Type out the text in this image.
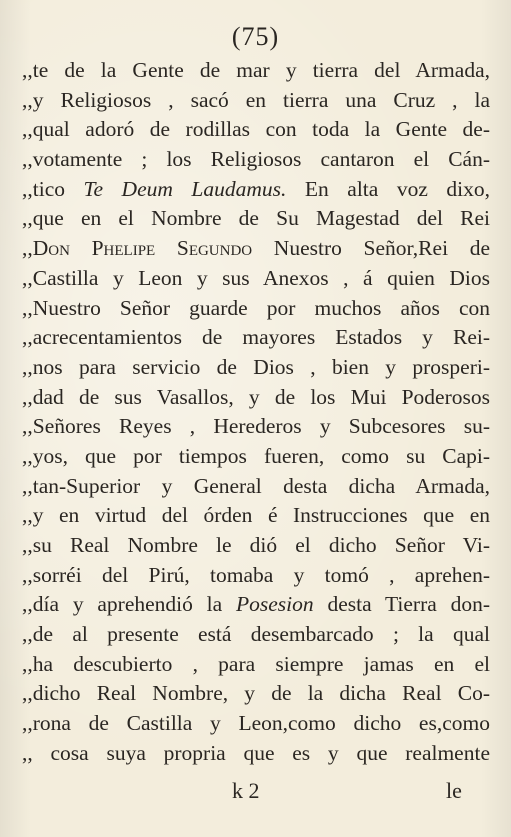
(75)
,,te de la Gente de mar y tierra del Armada,
,,y Religiosos , sacó en tierra una Cruz , la
,,qual adoró de rodillas con toda la Gente de-
,,votamente ; los Religiosos cantaron el Cán-
,,tico Te Deum Laudamus. En alta voz dixo,
,,que en el Nombre de Su Magestad del Rei
,,Don Phelipe Segundo Nuestro Señor,Rei de
,,Castilla y Leon y sus Anexos , á quien Dios
,,Nuestro Señor guarde por muchos años con
,,acrecentamientos de mayores Estados y Rei-
,,nos para servicio de Dios , bien y prosperi-
,,dad de sus Vasallos, y de los Mui Poderosos
,,Señores Reyes , Herederos y Subcesores su-
,,yos, que por tiempos fueren, como su Capi-
,,tan-Superior y General desta dicha Armada,
,,y en virtud del órden é Instrucciones que en
,,su Real Nombre le dió el dicho Señor Vi-
,,sorréi del Pirú, tomaba y tomó , aprehen-
,,día y aprehendió la Posesion desta Tierra don-
,,de al presente está desembarcado ; la qual
,,ha descubierto , para siempre jamas en el
,,dicho Real Nombre, y de la dicha Real Co-
,,rona de Castilla y Leon,como dicho es,como
,, cosa suya propria que es y que realmente
k 2	le
